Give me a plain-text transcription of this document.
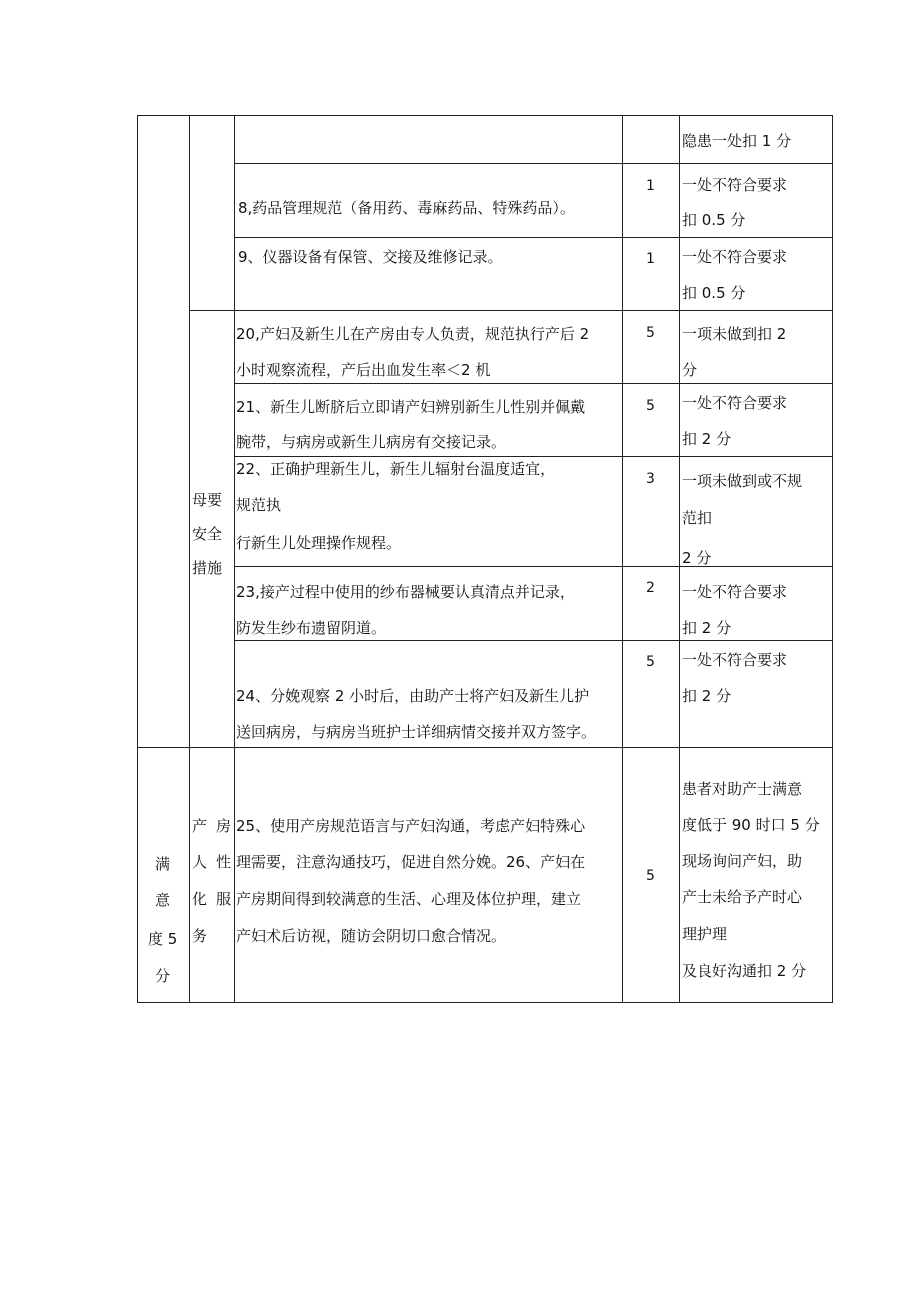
隐患一处扣 1 分
8,药品管理规范（备用药、毒麻药品、特殊药品）。
1 一处不符合要求
扣 0.5 分
9、仪器设备有保管、交接及维修记录。	1 一处不符合要求
扣 0.5 分
母要
安全
措施
20,产妇及新生儿在产房由专人负责，规范执行产后 2
小时观察流程，产后出血发生率＜2 机
5 一项未做到扣 2
分
21、新生儿断脐后立即请产妇辨别新生儿性别并佩戴
腕带，与病房或新生儿病房有交接记录。
5 一处不符合要求
扣 2 分
22、正确护理新生儿，新生儿辐射台温度适宜，
规范执
行新生儿处理操作规程。
3 一项未做到或不规
范扣
2 分
23,接产过程中使用的纱布器械要认真清点并记录，
防发生纱布遗留阴道。
2 一处不符合要求
扣 2 分
24、分娩观察 2 小时后，由助产士将产妇及新生儿护
送回病房，与病房当班护士详细病情交接并双方签字。
5 一处不符合要求
扣 2 分
满
意
度 5
分
产 房
人 性
化 服
务
25、使用产房规范语言与产妇沟通，考虑产妇特殊心
理需要，注意沟通技巧，促进自然分娩。26、产妇在
产房期间得到较满意的生活、心理及体位护理，建立
产妇术后访视，随访会阴切口愈合情况。
5
患者对助产士满意
度低于 90 时口 5 分
现场询问产妇，助
产士未给予产时心
理护理
及良好沟通扣 2 分
